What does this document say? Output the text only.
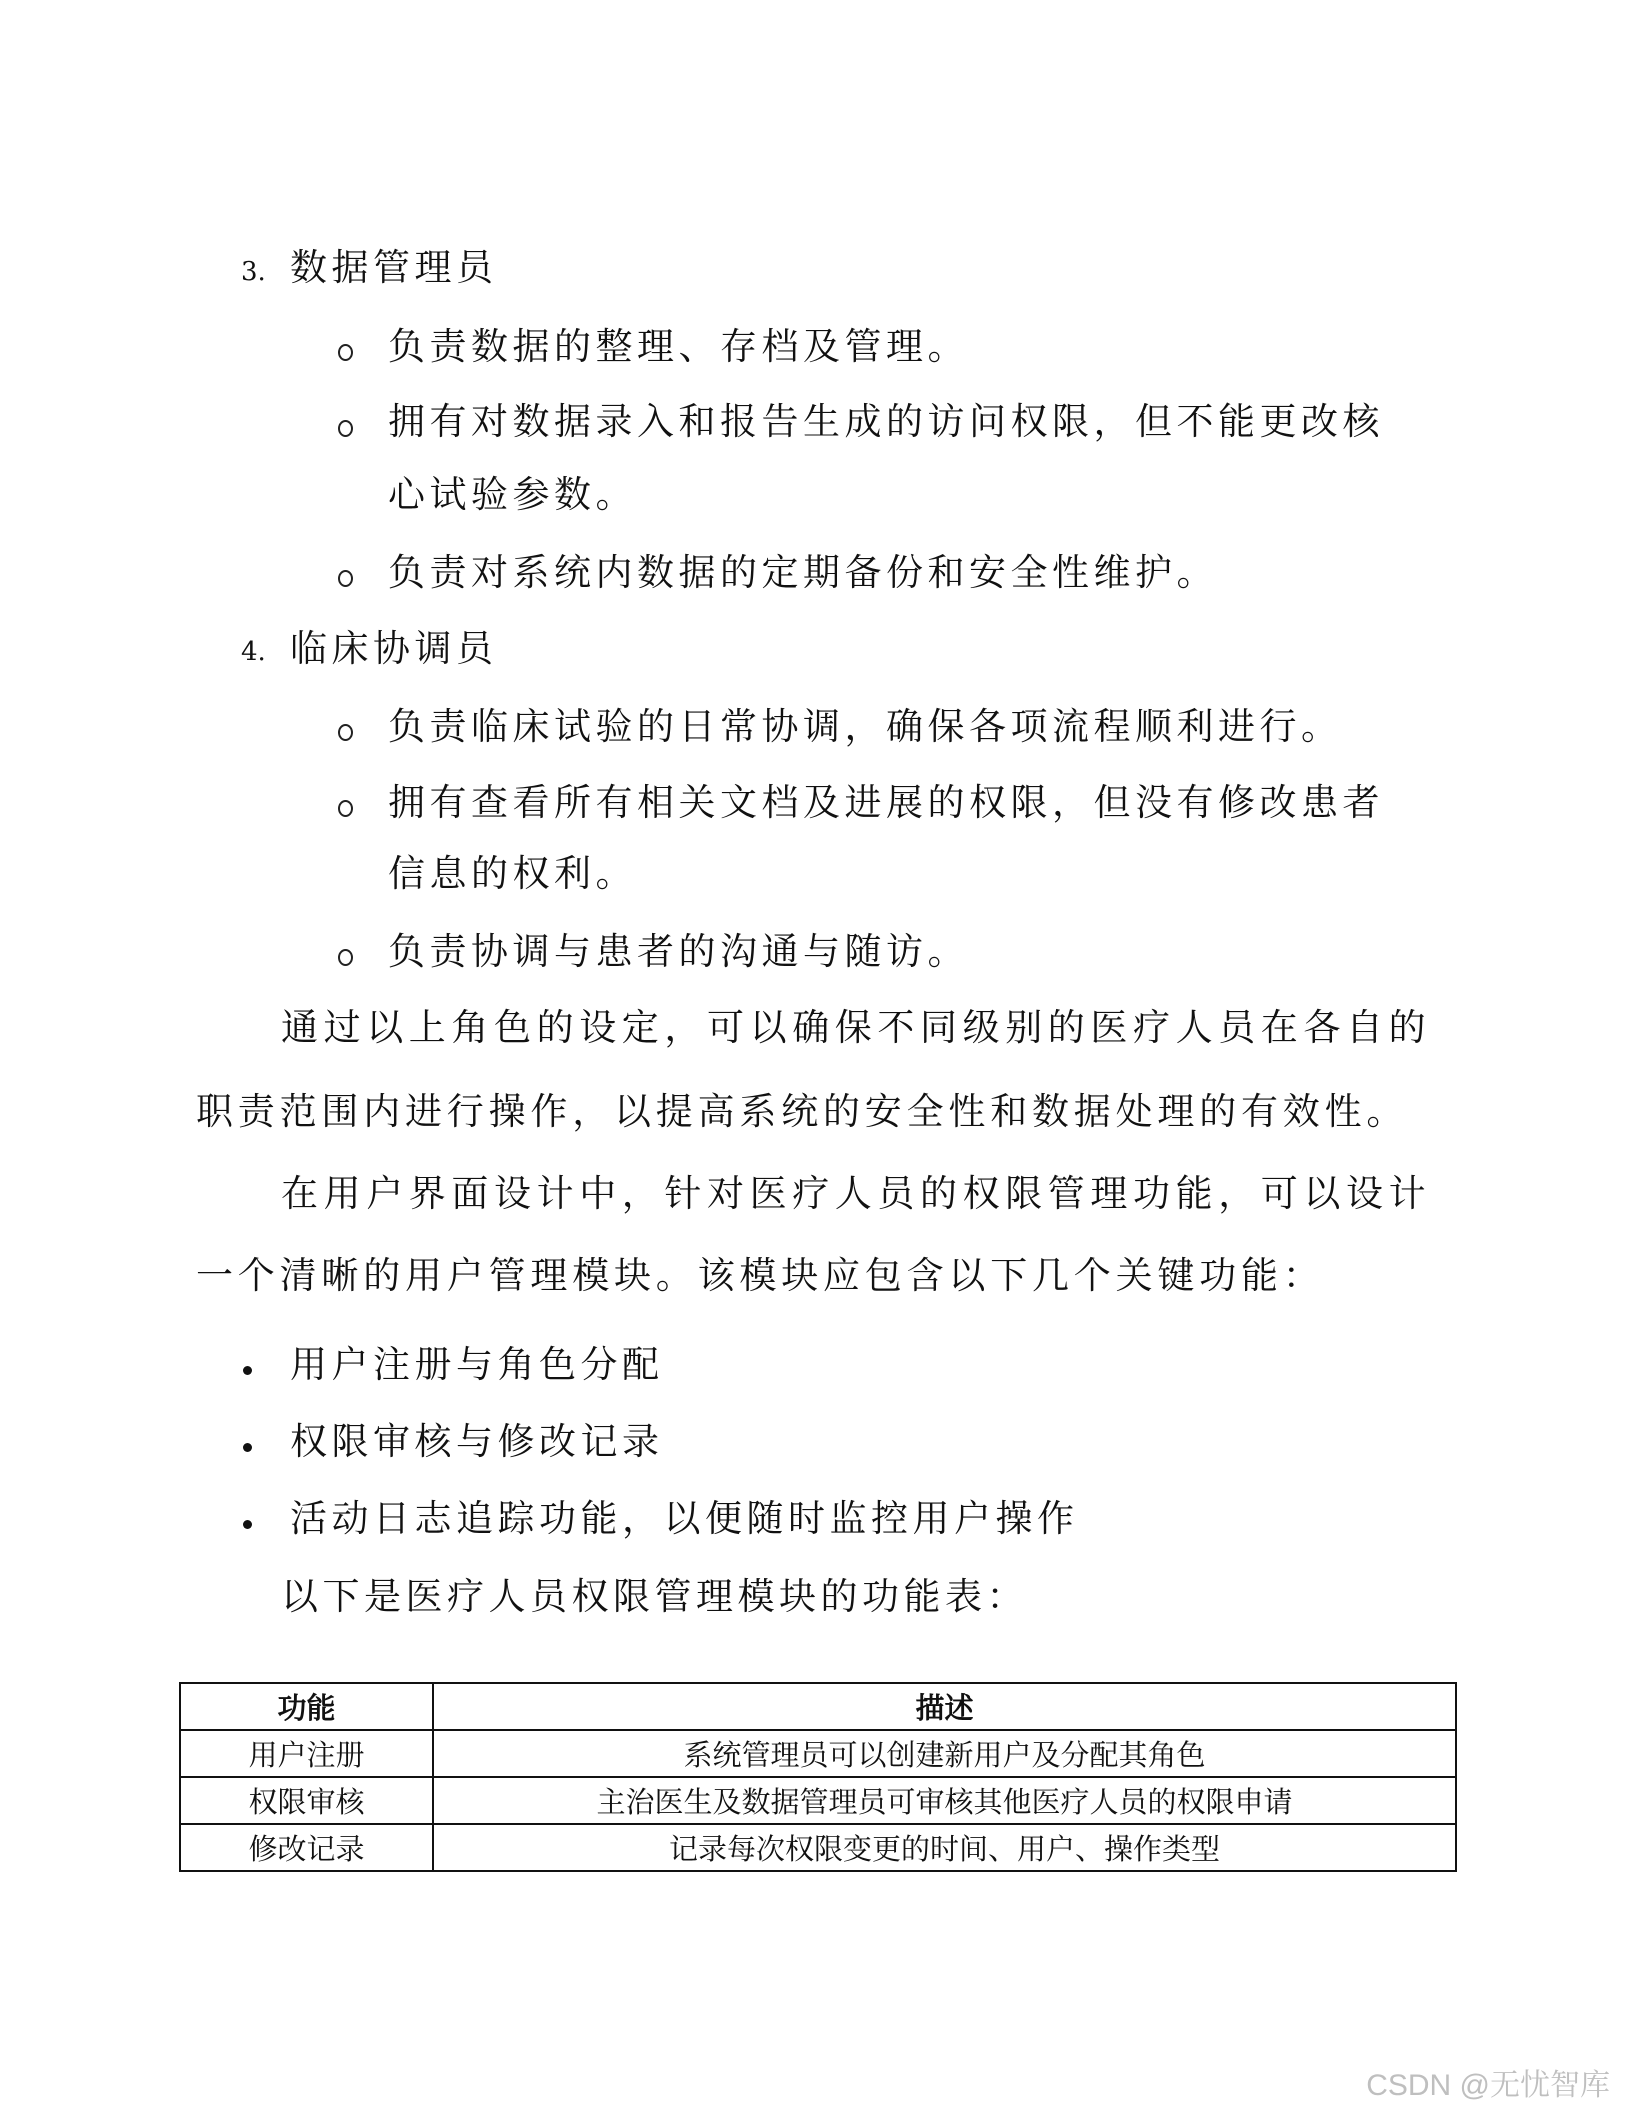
3. 数据管理员
负责数据的整理、存档及管理。
拥有对数据录入和报告生成的访问权限，但不能更改核
心试验参数。
负责对系统内数据的定期备份和安全性维护。
4. 临床协调员
负责临床试验的日常协调，确保各项流程顺利进行。
拥有查看所有相关文档及进展的权限，但没有修改患者
信息的权利。
负责协调与患者的沟通与随访。
通过以上角色的设定，可以确保不同级别的医疗人员在各自的
职责范围内进行操作，以提高系统的安全性和数据处理的有效性。
在用户界面设计中，针对医疗人员的权限管理功能，可以设计
一个清晰的用户管理模块。该模块应包含以下几个关键功能：
用户注册与角色分配
权限审核与修改记录
活动日志追踪功能，以便随时监控用户操作
以下是医疗人员权限管理模块的功能表：
功能	描述
用户注册	系统管理员可以创建新用户及分配其角色
权限审核	主治医生及数据管理员可审核其他医疗人员的权限申请
修改记录	记录每次权限变更的时间、用户、操作类型
CSDN @无忧智库
